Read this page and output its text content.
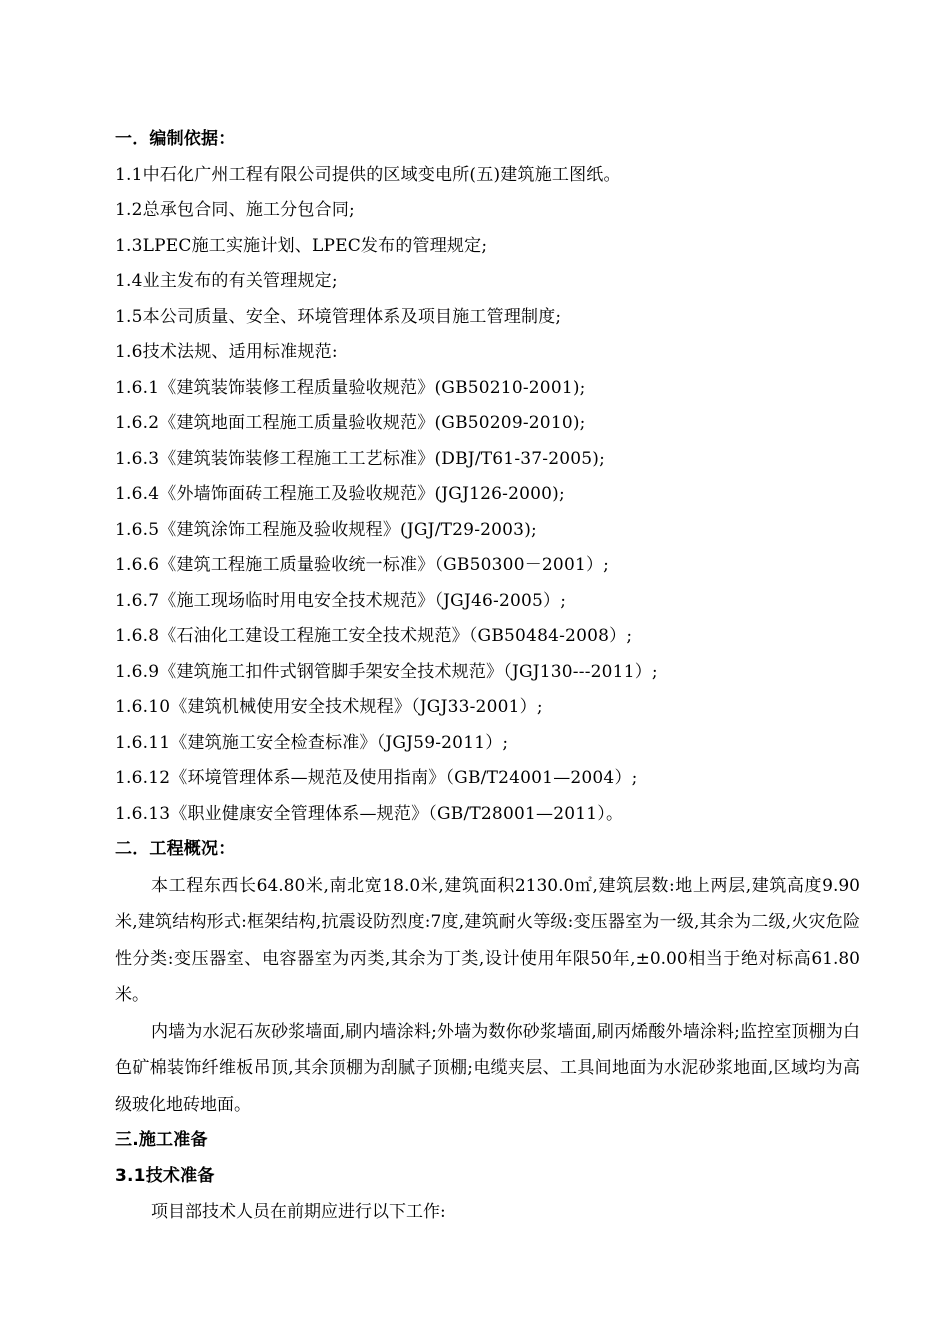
一．编制依据：
1.1中石化广州工程有限公司提供的区域变电所(五)建筑施工图纸。
1.2总承包合同、施工分包合同;
1.3LPEC施工实施计划、LPEC发布的管理规定;
1.4业主发布的有关管理规定;
1.5本公司质量、安全、环境管理体系及项目施工管理制度;
1.6技术法规、适用标准规范:
1.6.1《建筑装饰装修工程质量验收规范》(GB50210-2001);
1.6.2《建筑地面工程施工质量验收规范》(GB50209-2010);
1.6.3《建筑装饰装修工程施工工艺标准》(DBJ/T61-37-2005);
1.6.4《外墙饰面砖工程施工及验收规范》(JGJ126-2000);
1.6.5《建筑涂饰工程施及验收规程》(JGJ/T29-2003);
1.6.6《建筑工程施工质量验收统一标准》（GB50300－2001）;
1.6.7《施工现场临时用电安全技术规范》（JGJ46-2005）;
1.6.8《石油化工建设工程施工安全技术规范》（GB50484-2008）;
1.6.9《建筑施工扣件式钢管脚手架安全技术规范》（JGJ130---2011）;
1.6.10《建筑机械使用安全技术规程》（JGJ33-2001）;
1.6.11《建筑施工安全检查标准》（JGJ59-2011）;
1.6.12《环境管理体系—规范及使用指南》（GB/T24001—2004）;
1.6.13《职业健康安全管理体系—规范》（GB/T28001—2011）。
二．工程概况：

本工程东西长64.80米,南北宽18.0米,建筑面积2130.0㎡,建筑层数:地上两层,建筑高度9.90米,建筑结构形式:框架结构,抗震设防烈度:7度,建筑耐火等级:变压器室为一级,其余为二级,火灾危险性分类:变压器室、电容器室为丙类,其余为丁类,设计使用年限50年,±0.00相当于绝对标高61.80米。

内墙为水泥石灰砂浆墙面,刷内墙涂料;外墙为数你砂浆墙面,刷丙烯酸外墙涂料;监控室顶棚为白色矿棉装饰纤维板吊顶,其余顶棚为刮腻子顶棚;电缆夹层、工具间地面为水泥砂浆地面,区域均为高级玻化地砖地面。

三.施工准备
3.1技术准备

项目部技术人员在前期应进行以下工作:
